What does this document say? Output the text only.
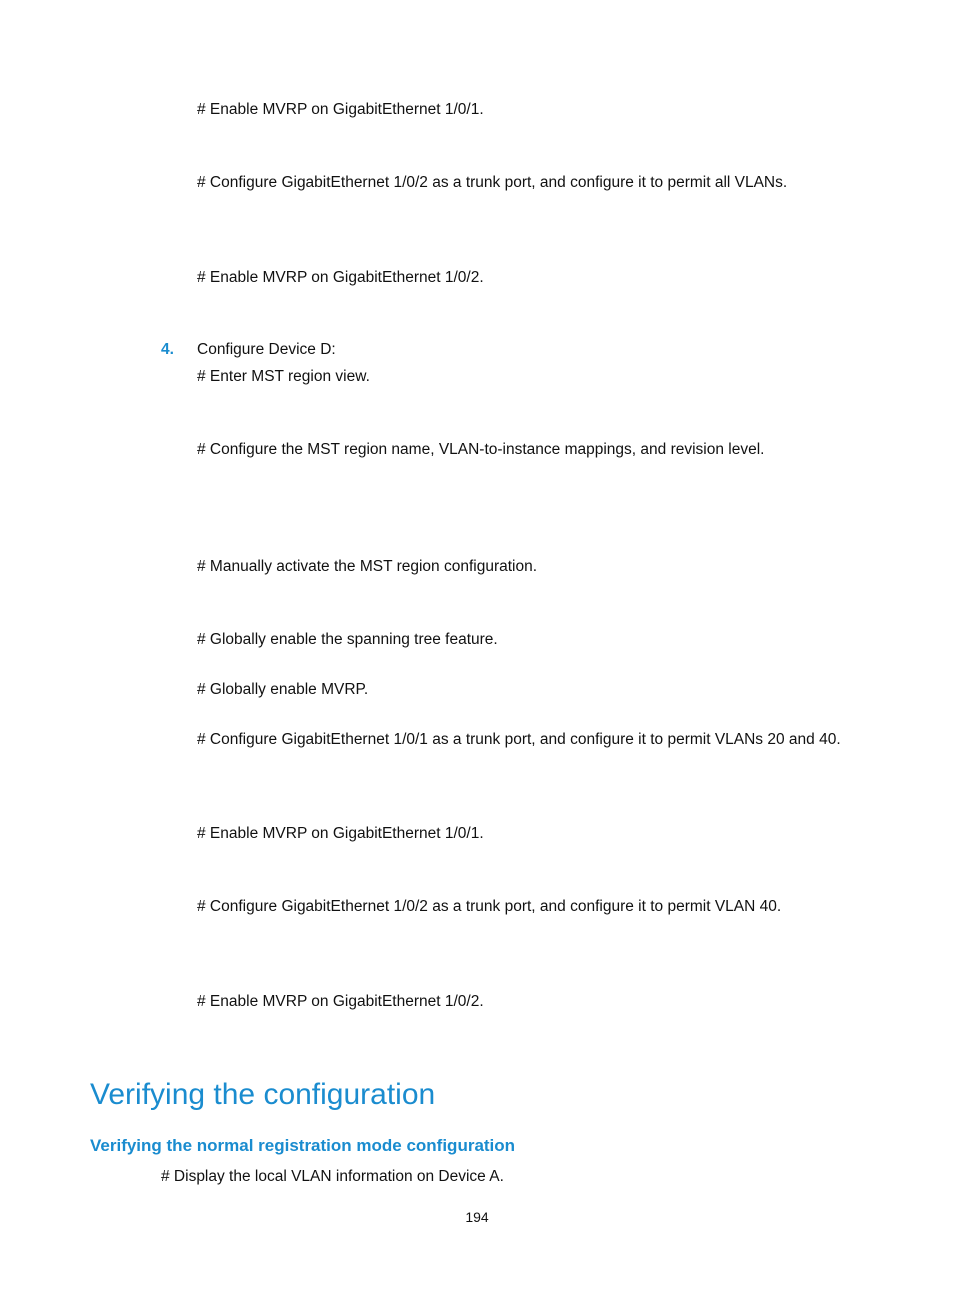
# Enable MVRP on GigabitEthernet 1/0/1.
# Configure GigabitEthernet 1/0/2 as a trunk port, and configure it to permit all VLANs.
# Enable MVRP on GigabitEthernet 1/0/2.
4. Configure Device D:
# Enter MST region view.
# Configure the MST region name, VLAN-to-instance mappings, and revision level.
# Manually activate the MST region configuration.
# Globally enable the spanning tree feature.
# Globally enable MVRP.
# Configure GigabitEthernet 1/0/1 as a trunk port, and configure it to permit VLANs 20 and 40.
# Enable MVRP on GigabitEthernet 1/0/1.
# Configure GigabitEthernet 1/0/2 as a trunk port, and configure it to permit VLAN 40.
# Enable MVRP on GigabitEthernet 1/0/2.
Verifying the configuration
Verifying the normal registration mode configuration
# Display the local VLAN information on Device A.
194
